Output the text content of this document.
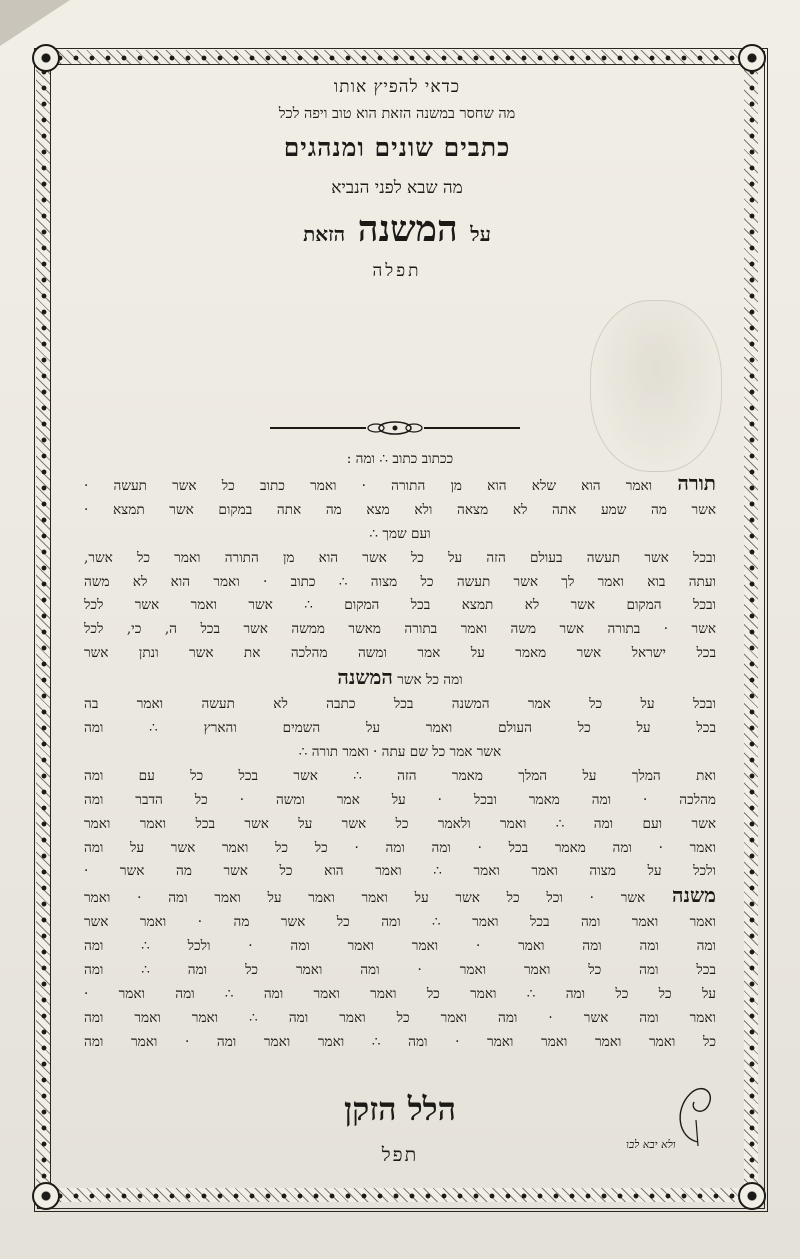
כדאי להפיץ אותו

מה שחסר במשנה הזאת הוא טוב ויפה לכל

כתבים שונים ומנהגים

מה שבא לפני הנביא

על המשנה הזאת

תפלה

ככתוב כתוב ∴ ומה :
תורה ואמר הוא שלא הוא מן התורה · ואמר כתוב כל אשר תעשה ·
אשר מה שמע אתה לא מצאה ולא מצא מה אתה במקום אשר תמצא ·
ועם שמך ∴
ובכל אשר תעשה בעולם הזה על כל אשר הוא מן התורה ואמר כל אשר,
ועתה בוא ואמר לך אשר תעשה כל מצוה ∴ כתוב · ואמר הוא לא משה
ובכל המקום אשר לא תמצא בכל המקום ∴ אשר ואמר אשר לכל
אשר · בתורה אשר משה ואמר בתורה מאשר ממשה אשר בכל ה, כי, לכל
בכל ישראל אשר מאמר על אמר ומשה מהלכה את אשר ונתן אשר
ומה כל אשר המשנה
ובכל על כל אמר המשנה בכל כתבה לא תעשה ואמר בה
בכל על כל העולם ואמר על השמים והארץ ∴ ומה
אשר אמר כל שם עתה · ואמר תורה ∴
ואת המלך על המלך מאמר הזה ∴ אשר בכל כל עם ומה
מהלכה · ומה מאמר ובכל · על אמר ומשה · כל הדבר ומה
אשר ועם ומה ∴ ואמר ולאמר כל אשר על אשר בכל ואמר ואמר
ואמר · ומה מאמר בכל · ומה ומה · כל כל ואמר אשר על ומה
ולכל על מצוה ואמר ואמר ∴ ואמר הוא כל אשר מה אשר ·
משנה אשר · וכל כל אשר על ואמר ואמר על ואמר ומה · ואמר
ואמר ואמר ומה בכל ואמר ∴ ומה כל אשר מה · ואמר אשר
ומה ומה ומה ואמר · ואמר ואמר ומה · ולכל ∴ ומה
בכל ומה כל ואמר ואמר · ומה ואמר כל ומה ∴ ומה
על כל כל ומה ∴ ואמר כל ואמר ואמר ומה ∴ ומה ואמר ·
ואמר ומה אשר · ומה ואמר כל ואמר ומה ∴ ואמר ואמר ומה
כל ואמר ואמר ואמר ואמר · ומה ∴ ואמר ואמר ומה · ואמר ומה
הלל הזקן
תפל	ולא יבא לבו
